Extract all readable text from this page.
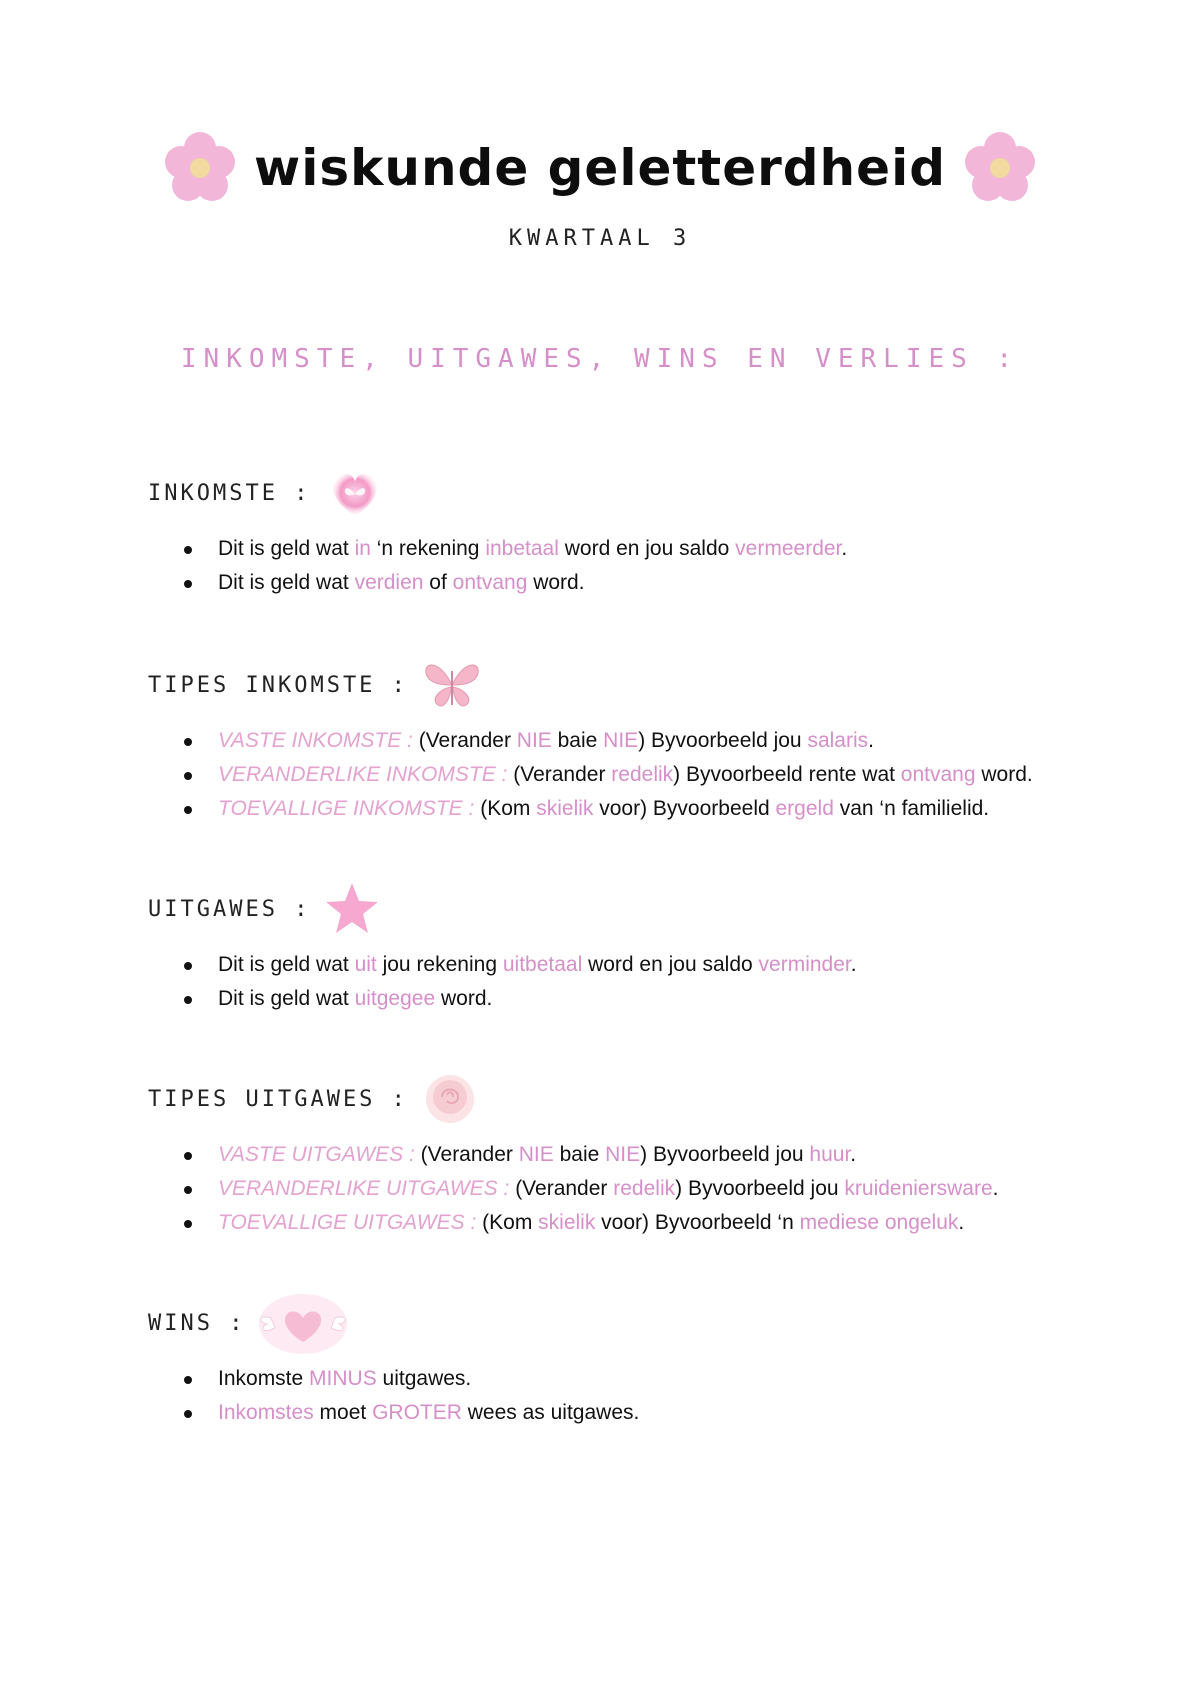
wiskunde geletterdheid
KWARTAAL 3
INKOMSTE, UITGAWES, WINS EN VERLIES :
INKOMSTE :
Dit is geld wat in ‘n rekening inbetaal word en jou saldo vermeerder.
Dit is geld wat verdien of ontvang word.
TIPES INKOMSTE :
VASTE INKOMSTE : (Verander NIE baie NIE) Byvoorbeeld jou salaris.
VERANDERLIKE INKOMSTE : (Verander redelik) Byvoorbeeld rente wat ontvang word.
TOEVALLIGE INKOMSTE : (Kom skielik voor) Byvoorbeeld ergeld van ‘n familielid.
UITGAWES :
Dit is geld wat uit jou rekening uitbetaal word en jou saldo verminder.
Dit is geld wat uitgegee word.
TIPES UITGAWES :
VASTE UITGAWES : (Verander NIE baie NIE) Byvoorbeeld jou huur.
VERANDERLIKE UITGAWES : (Verander redelik) Byvoorbeeld jou kruideniersware.
TOEVALLIGE UITGAWES : (Kom skielik voor) Byvoorbeeld ‘n mediese ongeluk.
WINS :
Inkomste MINUS uitgawes.
Inkomstes moet GROTER wees as uitgawes.
